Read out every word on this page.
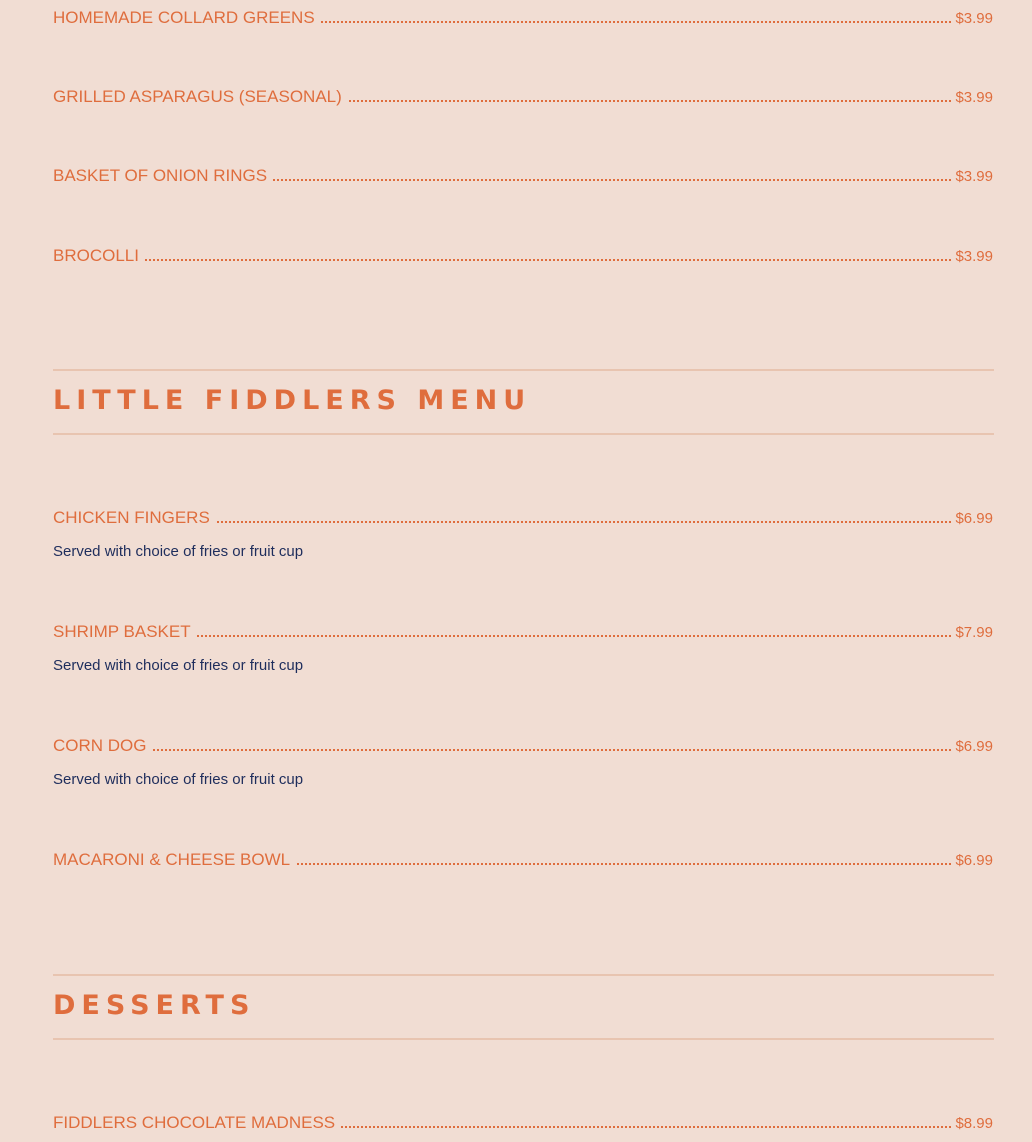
HOMEMADE COLLARD GREENS	$3.99
GRILLED ASPARAGUS (SEASONAL)	$3.99
BASKET OF ONION RINGS	$3.99
BROCOLLI	$3.99
LITTLE FIDDLERS MENU
CHICKEN FINGERS	$6.99
Served with choice of fries or fruit cup
SHRIMP BASKET	$7.99
Served with choice of fries or fruit cup
CORN DOG	$6.99
Served with choice of fries or fruit cup
MACARONI & CHEESE BOWL	$6.99
DESSERTS
FIDDLERS CHOCOLATE MADNESS	$8.99
